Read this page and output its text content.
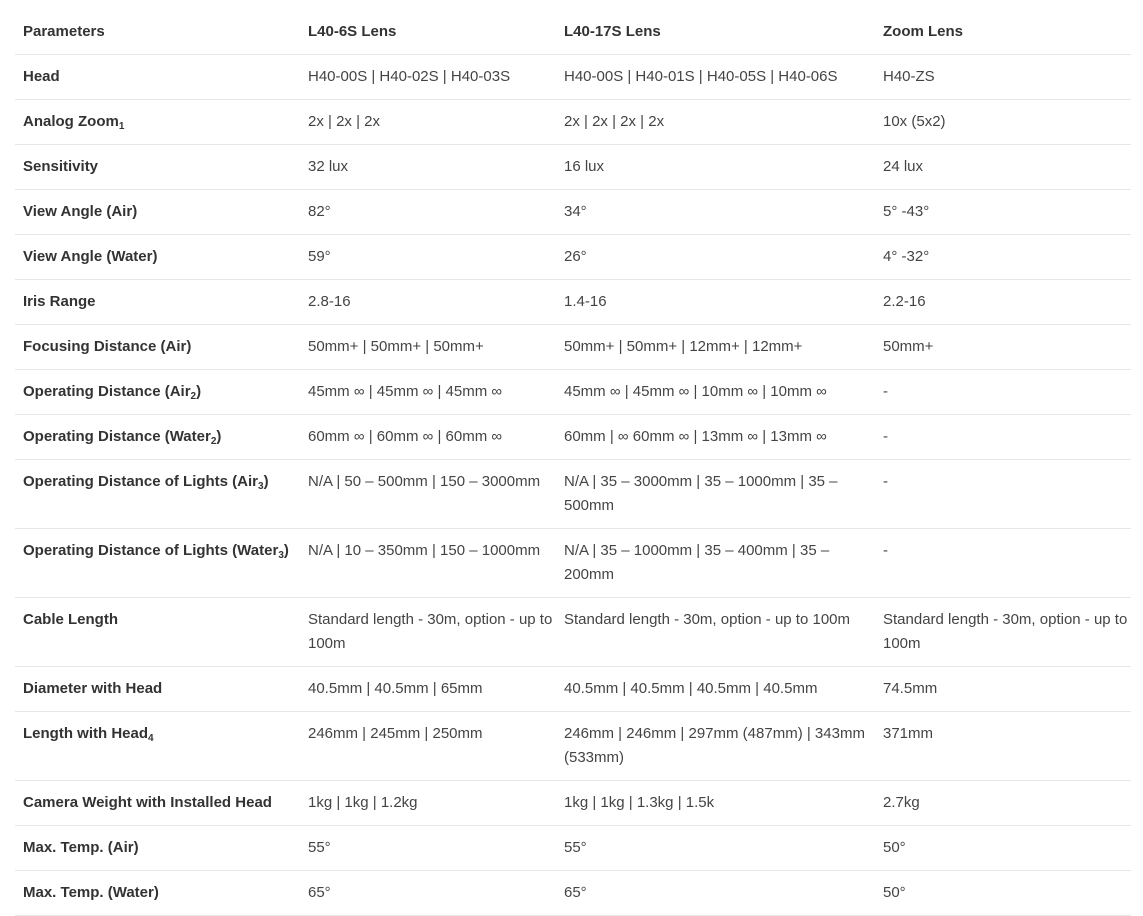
Parameters	L40-6S Lens	L40-17S Lens	Zoom Lens
Head	H40-00S | H40-02S | H40-03S	H40-00S | H40-01S | H40-05S | H40-06S	H40-ZS
Analog Zoom$_1$	2x | 2x | 2x	2x | 2x | 2x | 2x	10x (5x2)
Sensitivity	32 lux	16 lux	24 lux
View Angle (Air)	82°	34°	5° -43°
View Angle (Water)	59°	26°	4° -32°
Iris Range	2.8-16	1.4-16	2.2-16
Focusing Distance (Air)	50mm+ | 50mm+ | 50mm+	50mm+ | 50mm+ | 12mm+ | 12mm+	50mm+
Operating Distance (Air$_2$)	45mm ∞ | 45mm ∞ | 45mm ∞	45mm ∞ | 45mm ∞ | 10mm ∞ | 10mm ∞	-
Operating Distance (Water$_2$)	60mm ∞ | 60mm ∞ | 60mm ∞	60mm | ∞ 60mm ∞ | 13mm ∞ | 13mm ∞	-
Operating Distance of Lights (Air$_3$)	N/A | 50 – 500mm | 150 – 3000mm	N/A | 35 – 3000mm | 35 – 1000mm | 35 – 500mm	-
Operating Distance of Lights (Water$_3$)	N/A | 10 – 350mm | 150 – 1000mm	N/A | 35 – 1000mm | 35 – 400mm | 35 – 200mm	-
Cable Length	Standard length - 30m, option - up to 100m	Standard length - 30m, option - up to 100m	Standard length - 30m, option - up to 100m
Diameter with Head	40.5mm | 40.5mm | 65mm	40.5mm | 40.5mm | 40.5mm | 40.5mm	74.5mm
Length with Head$_4$	246mm | 245mm | 250mm	246mm | 246mm | 297mm (487mm) | 343mm (533mm)	371mm
Camera Weight with Installed Head	1kg | 1kg | 1.2kg	1kg | 1kg | 1.3kg | 1.5k	2.7kg
Max. Temp. (Air)	55°	55°	50°
Max. Temp. (Water)	65°	65°	50°
